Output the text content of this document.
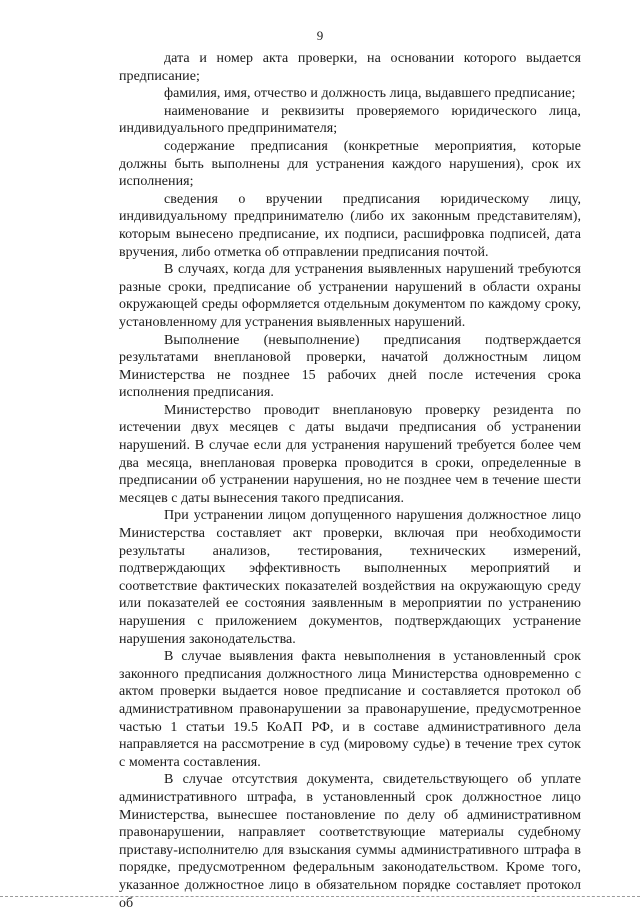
9

дата и номер акта проверки, на основании которого выдается предписание;

фамилия, имя, отчество и должность лица, выдавшего предписание;

наименование и реквизиты проверяемого юридического лица, индивидуального предпринимателя;

содержание предписания (конкретные мероприятия, которые должны быть выполнены для устранения каждого нарушения), срок их исполнения;

сведения о вручении предписания юридическому лицу, индивидуальному предпринимателю (либо их законным представителям), которым вынесено предписание, их подписи, расшифровка подписей, дата вручения, либо отметка об отправлении предписания почтой.

В случаях, когда для устранения выявленных нарушений требуются разные сроки, предписание об устранении нарушений в области охраны окружающей среды оформляется отдельным документом по каждому сроку, установленному для устранения выявленных нарушений.

Выполнение (невыполнение) предписания подтверждается результатами внеплановой проверки, начатой должностным лицом Министерства не позднее 15 рабочих дней после истечения срока исполнения предписания.

Министерство проводит внеплановую проверку резидента по истечении двух месяцев с даты выдачи предписания об устранении нарушений. В случае если для устранения нарушений требуется более чем два месяца, внеплановая проверка проводится в сроки, определенные в предписании об устранении нарушения, но не позднее чем в течение шести месяцев с даты вынесения такого предписания.

При устранении лицом допущенного нарушения должностное лицо Министерства составляет акт проверки, включая при необходимости результаты анализов, тестирования, технических измерений, подтверждающих эффективность выполненных мероприятий и соответствие фактических показателей воздействия на окружающую среду или показателей ее состояния заявленным в мероприятии по устранению нарушения с приложением документов, подтверждающих устранение нарушения законодательства.

В случае выявления факта невыполнения в установленный срок законного предписания должностного лица Министерства одновременно с актом проверки выдается новое предписание и составляется протокол об административном правонарушении за правонарушение, предусмотренное частью 1 статьи 19.5 КоАП РФ, и в составе административного дела направляется на рассмотрение в суд (мировому судье) в течение трех суток с момента составления.

В случае отсутствия документа, свидетельствующего об уплате административного штрафа, в установленный срок должностное лицо Министерства, вынесшее постановление по делу об административном правонарушении, направляет соответствующие материалы судебному приставу-исполнителю для взыскания суммы административного штрафа в порядке, предусмотренном федеральным законодательством. Кроме того, указанное должностное лицо в обязательном порядке составляет протокол об
